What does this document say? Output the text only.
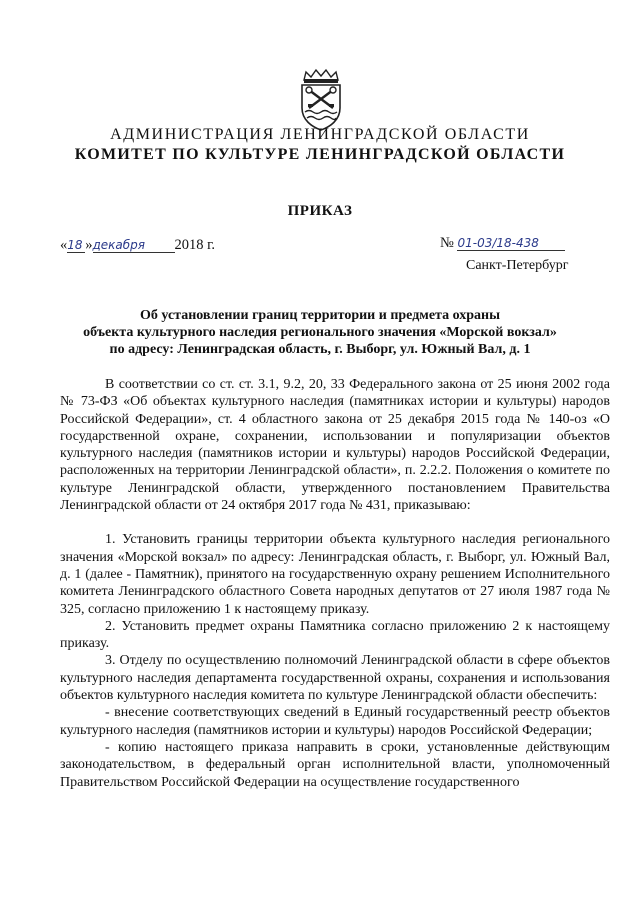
АДМИНИСТРАЦИЯ ЛЕНИНГРАДСКОЙ ОБЛАСТИ
КОМИТЕТ ПО КУЛЬТУРЕ ЛЕНИНГРАДСКОЙ ОБЛАСТИ
ПРИКАЗ
«18 »декабря 2018 г.	№ 01-03/18-438
Санкт-Петербург
Об установлении границ территории и предмета охраны
объекта культурного наследия регионального значения «Морской вокзал»
по адресу: Ленинградская область, г. Выборг, ул. Южный Вал, д. 1

В соответствии со ст. ст. 3.1, 9.2, 20, 33 Федерального закона от 25 июня 2002 года № 73-ФЗ «Об объектах культурного наследия (памятниках истории и культуры) народов Российской Федерации», ст. 4 областного закона от 25 декабря 2015 года № 140-оз «О государственной охране, сохранении, использовании и популяризации объектов культурного наследия (памятников истории и культуры) народов Российской Федерации, расположенных на территории Ленинградской области», п. 2.2.2. Положения о комитете по культуре Ленинградской области, утвержденного постановлением Правительства Ленинградской области от 24 октября 2017 года № 431, приказываю:

1. Установить границы территории объекта культурного наследия регионального значения «Морской вокзал» по адресу: Ленинградская область, г. Выборг, ул. Южный Вал, д. 1 (далее - Памятник), принятого на государственную охрану решением Исполнительного комитета Ленинградского областного Совета народных депутатов от 27 июля 1987 года № 325, согласно приложению 1 к настоящему приказу.

2. Установить предмет охраны Памятника согласно приложению 2 к настоящему приказу.

3. Отделу по осуществлению полномочий Ленинградской области в сфере объектов культурного наследия департамента государственной охраны, сохранения и использования объектов культурного наследия комитета по культуре Ленинградской области обеспечить:

- внесение соответствующих сведений в Единый государственный реестр объектов культурного наследия (памятников истории и культуры) народов Российской Федерации;

- копию настоящего приказа направить в сроки, установленные действующим законодательством, в федеральный орган исполнительной власти, уполномоченный Правительством Российской Федерации на осуществление государственного
